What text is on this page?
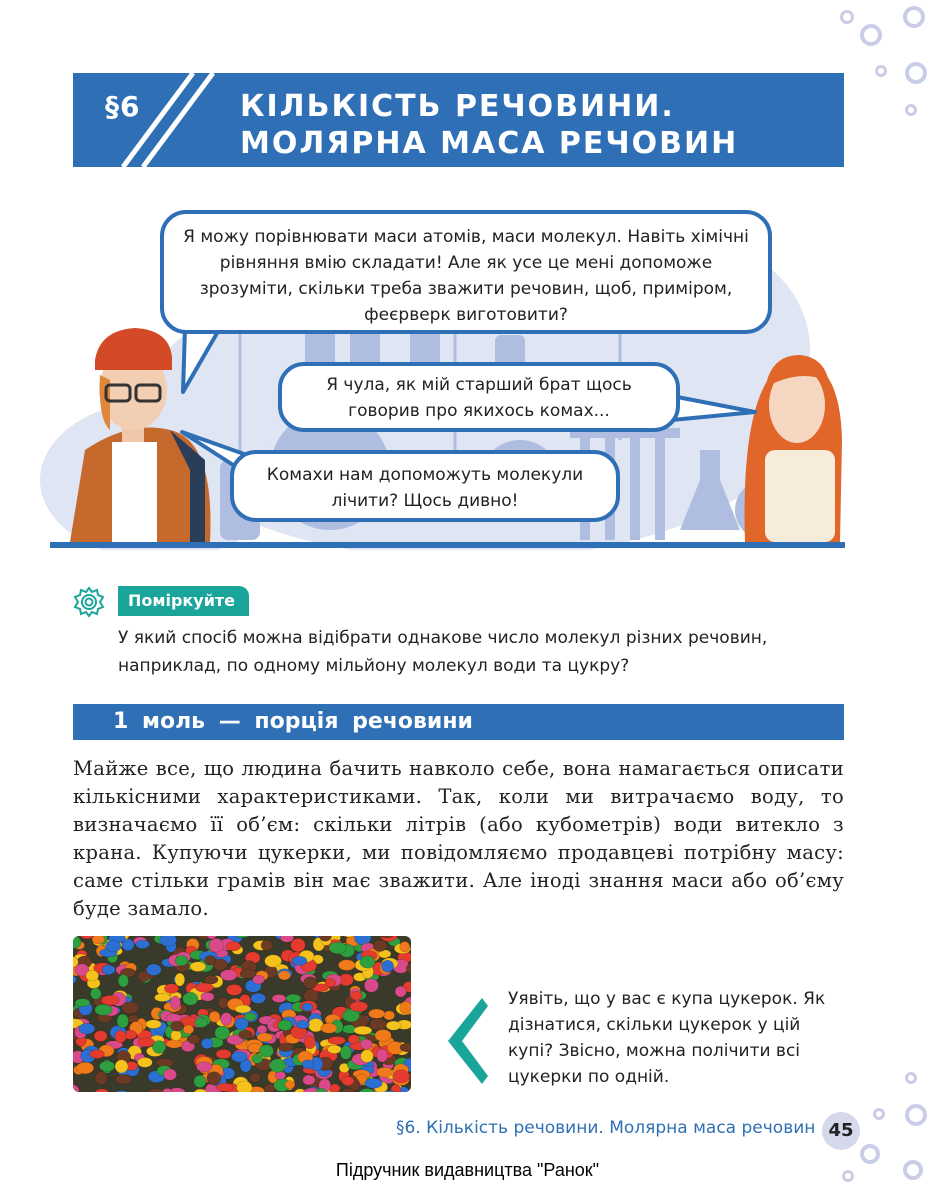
§6	КІЛЬКІСТЬ РЕЧОВИНИ.
МОЛЯРНА МАСА РЕЧОВИН
Я можу порівнювати маси атомів, маси молекул. Навіть хімічні рівняння вмію складати! Але як усе це мені допоможе зрозуміти, скільки треба зважити речовин, щоб, приміром, феєрверк виготовити?
Я чула, як мій старший брат щось говорив про якихось комах...
Комахи нам допоможуть молекули лічити? Щось дивно!
Поміркуйте
У який спосіб можна відібрати однакове число молекул різних речовин, наприклад, по одному мільйону молекул води та цукру?
1 моль — порція речовини
Майже все, що людина бачить навколо себе, вона намагається описати кількісними характеристиками. Так, коли ми витрачаємо воду, то визначаємо її об’єм: скільки літрів (або кубометрів) води витекло з крана. Купуючи цукерки, ми повідомляємо продавцеві потрібну масу: саме стільки грамів він має зважити. Але іноді знання маси або об’єму буде замало.
Уявіть, що у вас є купа цукерок. Як дізнатися, скільки цукерок у цій купі? Звісно, можна полічити всі цукерки по одній.
§6. Кількість речовини. Молярна маса речовин 45
Підручник видавництва "Ранок"
